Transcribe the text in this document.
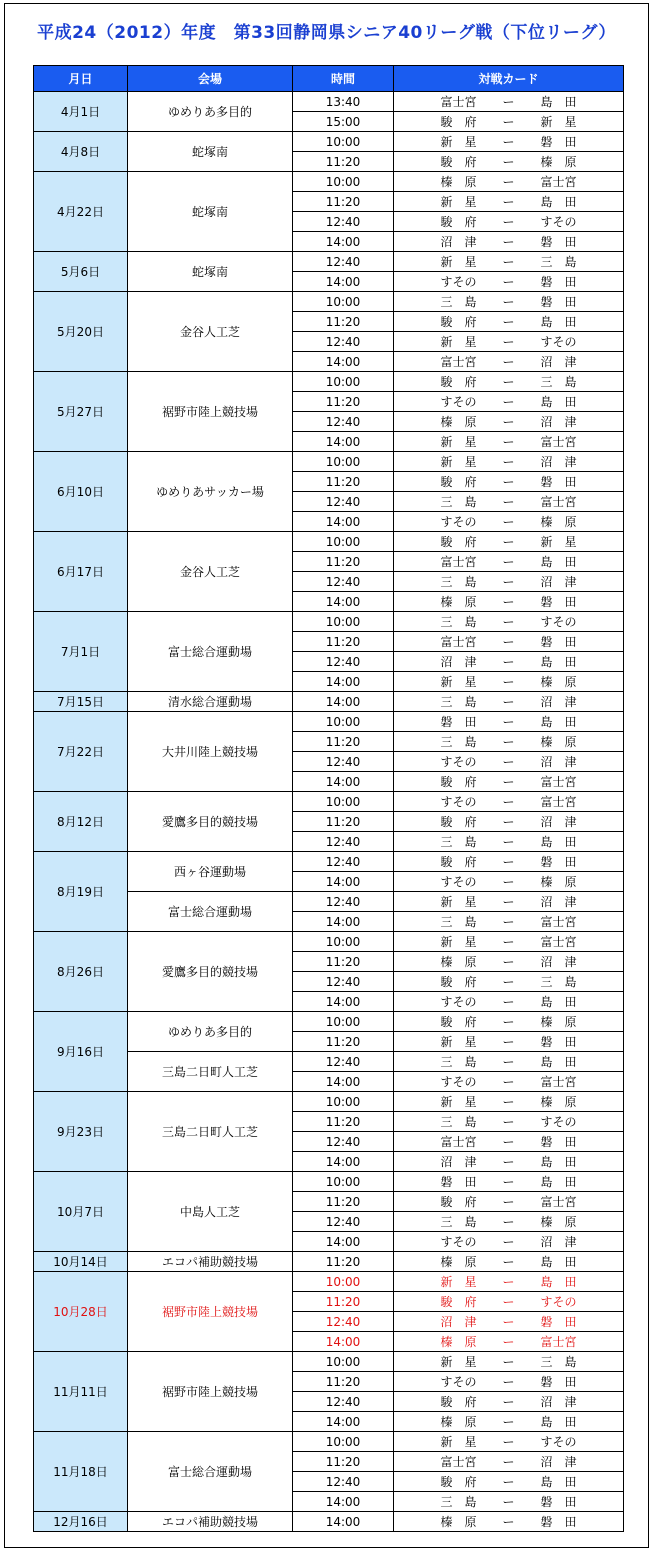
平成24（2012）年度　第33回静岡県シニア40リーグ戦（下位リーグ）
月日	会場	時間	対戦カード
4月1日	ゆめりあ多目的	13:40	富士宮 ー 島　田

		15:00	駿　府 ー 新　星

4月8日	蛇塚南	10:00	新　星 ー 磐　田

		11:20	駿　府 ー 榛　原

4月22日	蛇塚南	10:00	榛　原 ー 富士宮

		11:20	新　星 ー 島　田

		12:40	駿　府 ー すその

		14:00	沼　津 ー 磐　田

5月6日	蛇塚南	12:40	新　星 ー 三　島

		14:00	すその ー 磐　田

5月20日	金谷人工芝	10:00	三　島 ー 磐　田

		11:20	駿　府 ー 島　田

		12:40	新　星 ー すその

		14:00	富士宮 ー 沼　津

5月27日	裾野市陸上競技場	10:00	駿　府 ー 三　島

		11:20	すその ー 島　田

		12:40	榛　原 ー 沼　津

		14:00	新　星 ー 富士宮

6月10日	ゆめりあサッカー場	10:00	新　星 ー 沼　津

		11:20	駿　府 ー 磐　田

		12:40	三　島 ー 富士宮

		14:00	すその ー 榛　原

6月17日	金谷人工芝	10:00	駿　府 ー 新　星

		11:20	富士宮 ー 島　田

		12:40	三　島 ー 沼　津

		14:00	榛　原 ー 磐　田

7月1日	富士総合運動場	10:00	三　島 ー すその

		11:20	富士宮 ー 磐　田

		12:40	沼　津 ー 島　田

		14:00	新　星 ー 榛　原

7月15日	清水総合運動場	14:00	三　島 ー 沼　津

7月22日	大井川陸上競技場	10:00	磐　田 ー 島　田

		11:20	三　島 ー 榛　原

		12:40	すその ー 沼　津

		14:00	駿　府 ー 富士宮

8月12日	愛鷹多目的競技場	10:00	すその ー 富士宮

		11:20	駿　府 ー 沼　津

		12:40	三　島 ー 島　田

8月19日	西ヶ谷運動場	12:40	駿　府 ー 磐　田

		14:00	すその ー 榛　原

	富士総合運動場	12:40	新　星 ー 沼　津

		14:00	三　島 ー 富士宮

8月26日	愛鷹多目的競技場	10:00	新　星 ー 富士宮

		11:20	榛　原 ー 沼　津

		12:40	駿　府 ー 三　島

		14:00	すその ー 島　田

9月16日	ゆめりあ多目的	10:00	駿　府 ー 榛　原

		11:20	新　星 ー 磐　田

	三島二日町人工芝	12:40	三　島 ー 島　田

		14:00	すその ー 富士宮

9月23日	三島二日町人工芝	10:00	新　星 ー 榛　原

		11:20	三　島 ー すその

		12:40	富士宮 ー 磐　田

		14:00	沼　津 ー 島　田

10月7日	中島人工芝	10:00	磐　田 ー 島　田

		11:20	駿　府 ー 富士宮

		12:40	三　島 ー 榛　原

		14:00	すその ー 沼　津

10月14日	エコパ補助競技場	11:20	榛　原 ー 島　田

10月28日	裾野市陸上競技場	10:00	新　星 ー 島　田

		11:20	駿　府 ー すその

		12:40	沼　津 ー 磐　田

		14:00	榛　原 ー 富士宮

11月11日	裾野市陸上競技場	10:00	新　星 ー 三　島

		11:20	すその ー 磐　田

		12:40	駿　府 ー 沼　津

		14:00	榛　原 ー 島　田

11月18日	富士総合運動場	10:00	新　星 ー すその

		11:20	富士宮 ー 沼　津

		12:40	駿　府 ー 島　田

		14:00	三　島 ー 磐　田

12月16日	エコパ補助競技場	14:00	榛　原 ー 磐　田
